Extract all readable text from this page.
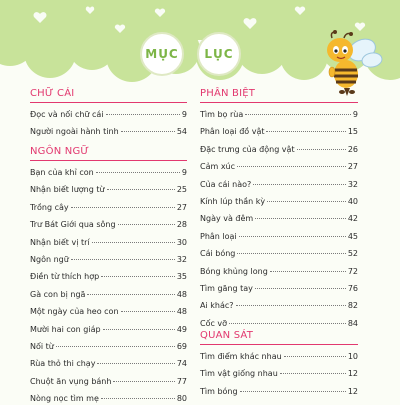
MỤC LỤC
CHỮ CÁI
Đọc và nối chữ cái	9
Người ngoài hành tinh	54
NGÔN NGỮ
Bạn của khỉ con	9
Nhận biết lượng từ	25
Trồng cây	27
Trư Bát Giới qua sông	28
Nhận biết vị trí	30
Ngôn ngữ	32
Điền từ thích hợp	35
Gà con bị ngã	48
Một ngày của heo con	48
Mười hai con giáp	49
Nối từ	69
Rùa thỏ thi chạy	74
Chuột ăn vụng bánh	77
Nòng nọc tìm mẹ	80
PHÂN BIỆT
Tìm bọ rùa	9
Phân loại đồ vật	15
Đặc trưng của động vật	26
Cảm xúc	27
Của cái nào?	32
Kính lúp thần kỳ	40
Ngày và đêm	42
Phân loại	45
Cái bóng	52
Bóng khủng long	72
Tìm găng tay	76
Ai khác?	82
Cốc vỡ	84
QUAN SÁT
Tìm điểm khác nhau	10
Tìm vật giống nhau	12
Tìm bóng	12
